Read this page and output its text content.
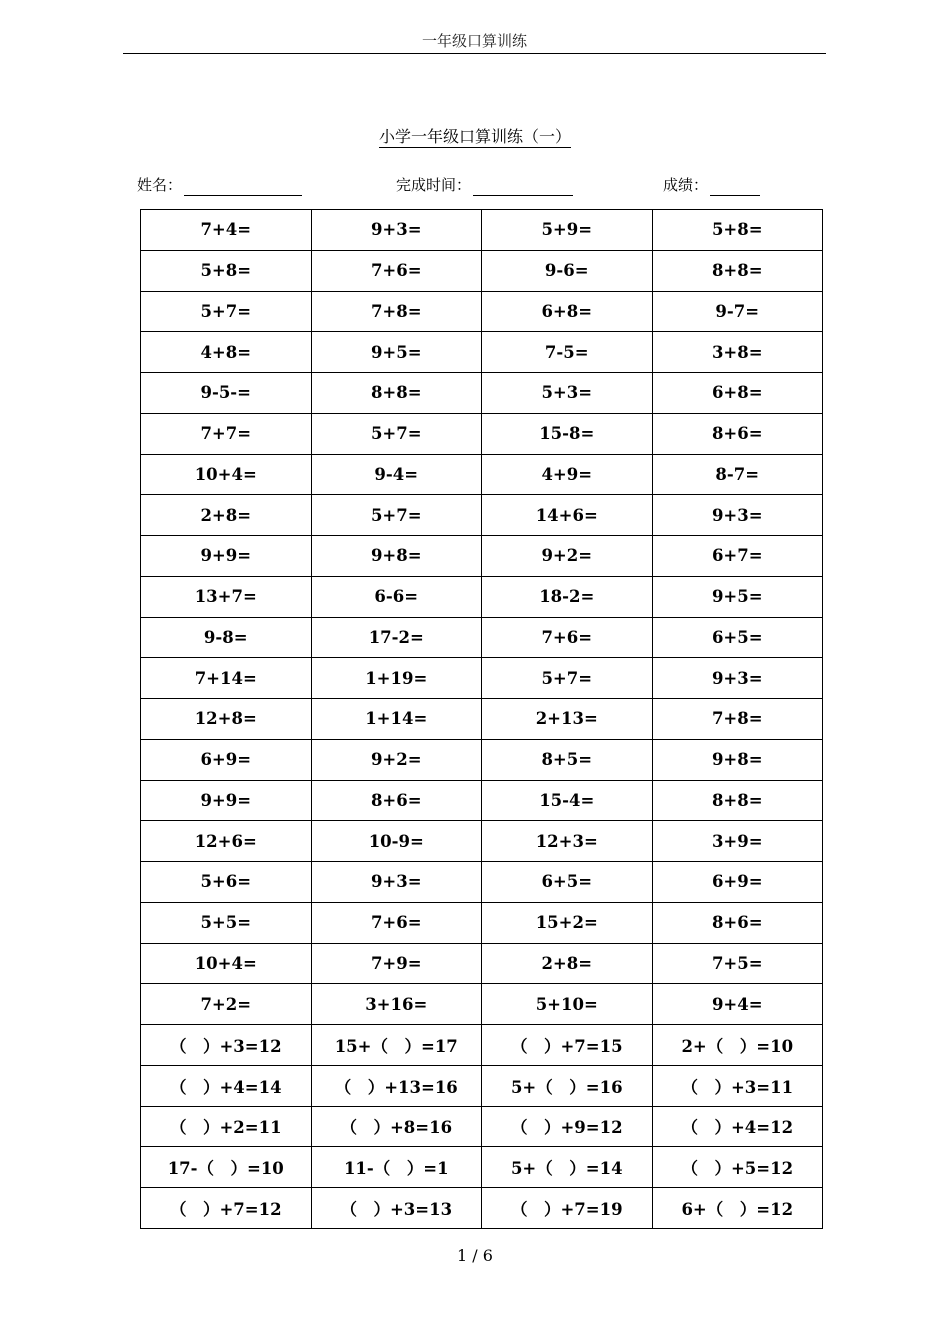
一年级口算训练
小学一年级口算训练（一）
姓名：	完成时间：	成绩：
7+4=	9+3=	5+9=	5+8=
5+8=	7+6=	9-6=	8+8=
5+7=	7+8=	6+8=	9-7=
4+8=	9+5=	7-5=	3+8=
9-5-=	8+8=	5+3=	6+8=
7+7=	5+7=	15-8=	8+6=
10+4=	9-4=	4+9=	8-7=
2+8=	5+7=	14+6=	9+3=
9+9=	9+8=	9+2=	6+7=
13+7=	6-6=	18-2=	9+5=
9-8=	17-2=	7+6=	6+5=
7+14=	1+19=	5+7=	9+3=
12+8=	1+14=	2+13=	7+8=
6+9=	9+2=	8+5=	9+8=
9+9=	8+6=	15-4=	8+8=
12+6=	10-9=	12+3=	3+9=
5+6=	9+3=	6+5=	6+9=
5+5=	7+6=	15+2=	8+6=
10+4=	7+9=	2+8=	7+5=
7+2=	3+16=	5+10=	9+4=
（　）+3=12	15+（　）=17	（　）+7=15	2+（　）=10
（　）+4=14	（　）+13=16	5+（　）=16	（　）+3=11
（　）+2=11	（　）+8=16	（　）+9=12	（　）+4=12
17-（　）=10	11-（　）=1	5+（　）=14	（　）+5=12
（　）+7=12	（　）+3=13	（　）+7=19	6+（　）=12
1 / 6
